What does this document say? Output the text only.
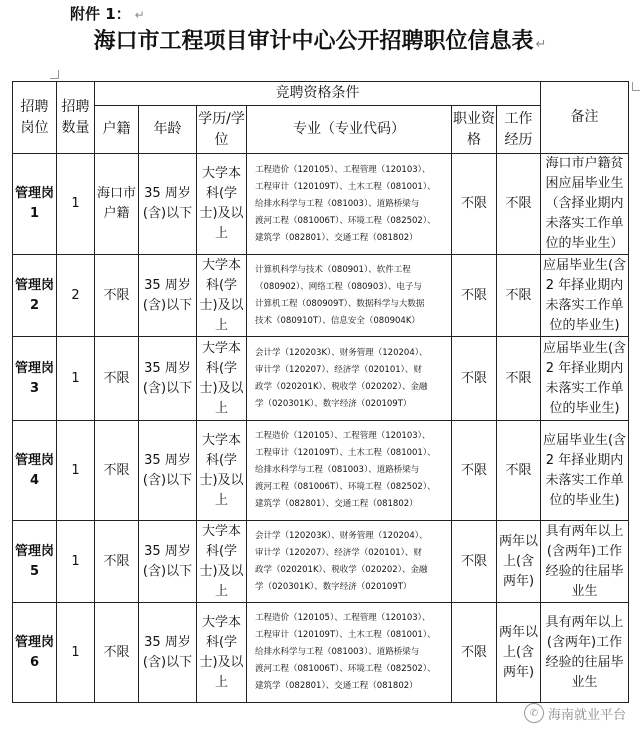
附件 1： ↵
海口市工程项目审计中心公开招聘职位信息表 ↵
招聘岗位	招聘数量	竞聘资格条件						备注
		户籍	年龄	学历/学位	专业（专业代码）	职业资格	工作经历	
管理岗 1	1	海口市户籍	35 周岁(含)以下	大学本科(学士)及以上	工程造价（120105）、工程管理（120103）、
工程审计（120109T）、土木工程（081001）、
给排水科学与工程（081003）、道路桥梁与
渡河工程（081006T）、环境工程（082502）、
建筑学（082801）、交通工程（081802）	不限	不限	海口市户籍贫困应届毕业生（含择业期内未落实工作单位的毕业生）
管理岗 2	2	不限	35 周岁(含)以下	大学本科(学士)及以上	计算机科学与技术（080901）、软件工程
（080902）、网络工程（080903）、电子与
计算机工程（080909T）、数据科学与大数据
技术（080910T）、信息安全（080904K）	不限	不限	应届毕业生(含 2 年择业期内未落实工作单位的毕业生)
管理岗 3	1	不限	35 周岁(含)以下	大学本科(学士)及以上	会计学（120203K）、财务管理（120204）、
审计学（120207）、经济学（020101）、财
政学（020201K）、税收学（020202）、金融
学（020301K）、数字经济（020109T）	不限	不限	应届毕业生(含 2 年择业期内未落实工作单位的毕业生)
管理岗 4	1	不限	35 周岁(含)以下	大学本科(学士)及以上	工程造价（120105）、工程管理（120103）、
工程审计（120109T）、土木工程（081001）、
给排水科学与工程（081003）、道路桥梁与
渡河工程（081006T）、环境工程（082502）、
建筑学（082801）、交通工程（081802）	不限	不限	应届毕业生(含 2 年择业期内未落实工作单位的毕业生)
管理岗 5	1	不限	35 周岁(含)以下	大学本科(学士)及以上	会计学（120203K）、财务管理（120204）、
审计学（120207）、经济学（020101）、财
政学（020201K）、税收学（020202）、金融
学（020301K）、数字经济（020109T）	不限	两年以上(含两年)	具有两年以上(含两年)工作经验的往届毕业生
管理岗 6	1	不限	35 周岁(含)以下	大学本科(学士)及以上	工程造价（120105）、工程管理（120103）、
工程审计（120109T）、土木工程（081001）、
给排水科学与工程（081003）、道路桥梁与
渡河工程（081006T）、环境工程（082502）、
建筑学（082801）、交通工程（081802）	不限	两年以上(含两年)	具有两年以上(含两年)工作经验的往届毕业生
✆ 海南就业平台
